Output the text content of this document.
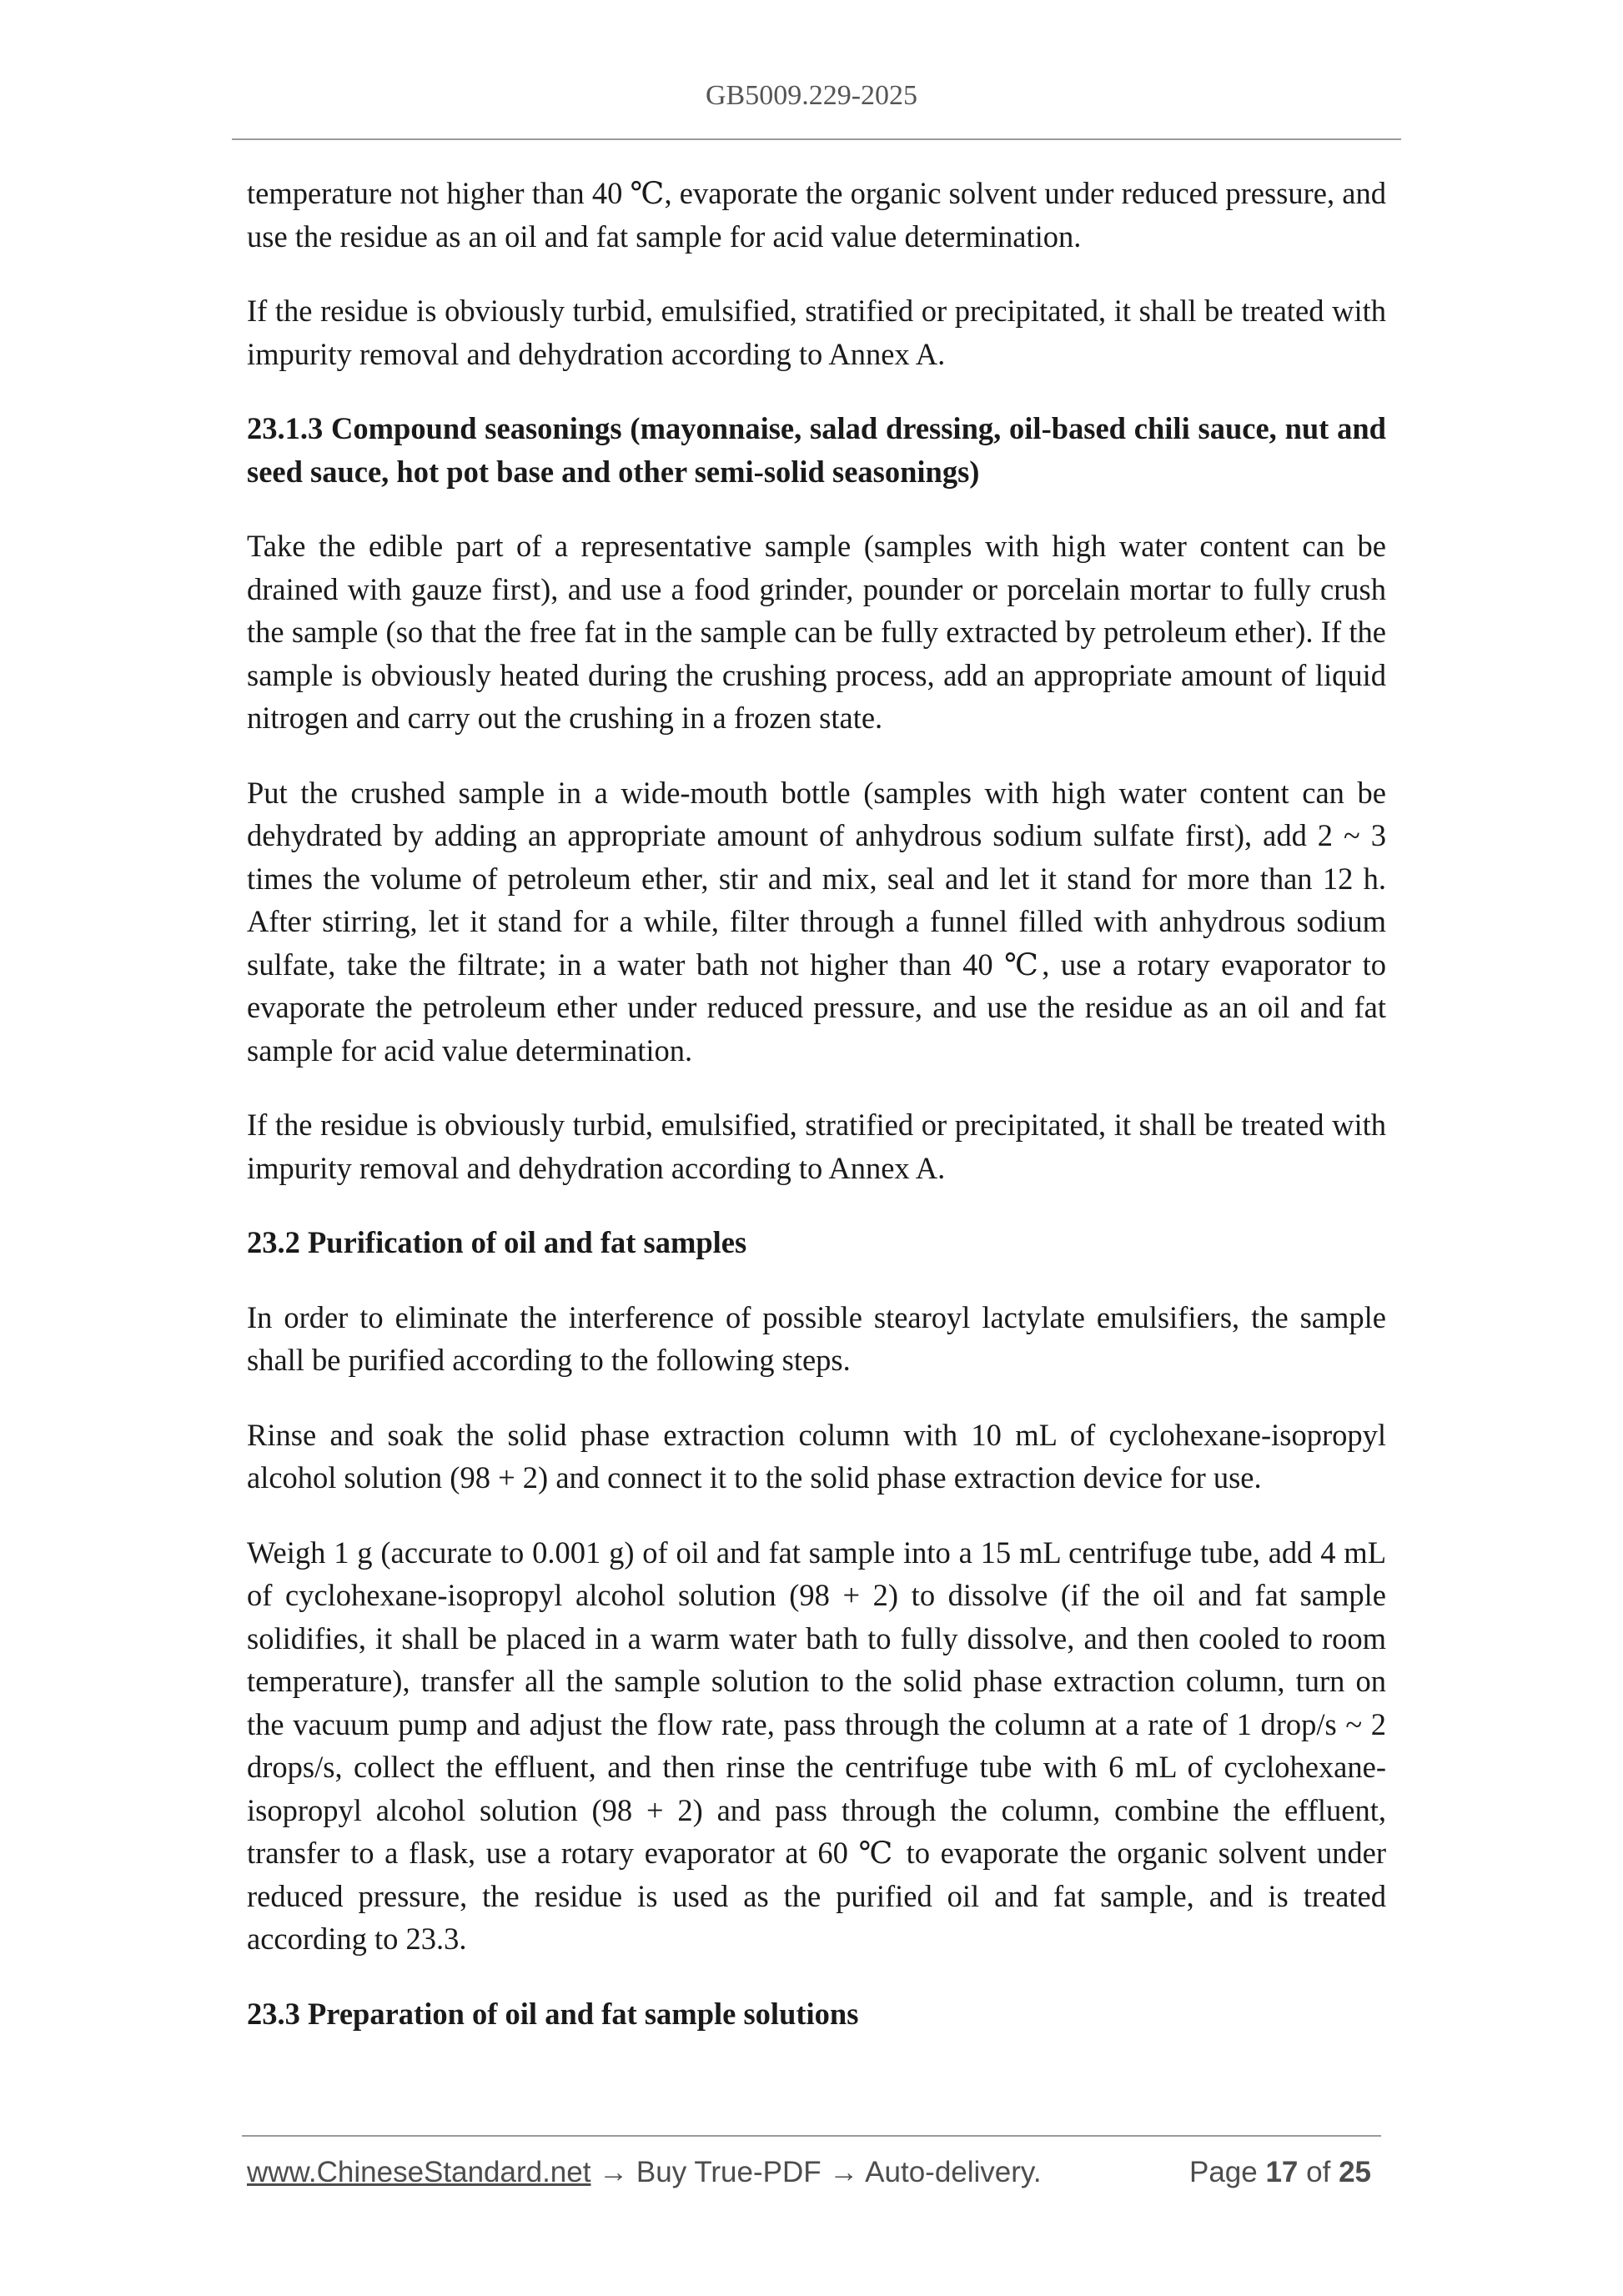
GB5009.229-2025

temperature not higher than 40 ℃, evaporate the organic solvent under reduced pressure, and use the residue as an oil and fat sample for acid value determination.

If the residue is obviously turbid, emulsified, stratified or precipitated, it shall be treated with impurity removal and dehydration according to Annex A.

23.1.3 Compound seasonings (mayonnaise, salad dressing, oil-based chili sauce, nut and seed sauce, hot pot base and other semi-solid seasonings)

Take the edible part of a representative sample (samples with high water content can be drained with gauze first), and use a food grinder, pounder or porcelain mortar to fully crush the sample (so that the free fat in the sample can be fully extracted by petroleum ether). If the sample is obviously heated during the crushing process, add an appropriate amount of liquid nitrogen and carry out the crushing in a frozen state.

Put the crushed sample in a wide-mouth bottle (samples with high water content can be dehydrated by adding an appropriate amount of anhydrous sodium sulfate first), add 2 ~ 3 times the volume of petroleum ether, stir and mix, seal and let it stand for more than 12 h. After stirring, let it stand for a while, filter through a funnel filled with anhydrous sodium sulfate, take the filtrate; in a water bath not higher than 40 ℃, use a rotary evaporator to evaporate the petroleum ether under reduced pressure, and use the residue as an oil and fat sample for acid value determination.

If the residue is obviously turbid, emulsified, stratified or precipitated, it shall be treated with impurity removal and dehydration according to Annex A.

23.2 Purification of oil and fat samples

In order to eliminate the interference of possible stearoyl lactylate emulsifiers, the sample shall be purified according to the following steps.

Rinse and soak the solid phase extraction column with 10 mL of cyclohexane-isopropyl alcohol solution (98 + 2) and connect it to the solid phase extraction device for use.

Weigh 1 g (accurate to 0.001 g) of oil and fat sample into a 15 mL centrifuge tube, add 4 mL of cyclohexane-isopropyl alcohol solution (98 + 2) to dissolve (if the oil and fat sample solidifies, it shall be placed in a warm water bath to fully dissolve, and then cooled to room temperature), transfer all the sample solution to the solid phase extraction column, turn on the vacuum pump and adjust the flow rate, pass through the column at a rate of 1 drop/s ~ 2 drops/s, collect the effluent, and then rinse the centrifuge tube with 6 mL of cyclohexane-isopropyl alcohol solution (98 + 2) and pass through the column, combine the effluent, transfer to a flask, use a rotary evaporator at 60 ℃ to evaporate the organic solvent under reduced pressure, the residue is used as the purified oil and fat sample, and is treated according to 23.3.

23.3 Preparation of oil and fat sample solutions

www.ChineseStandard.net → Buy True-PDF → Auto-delivery.	Page 17 of 25
